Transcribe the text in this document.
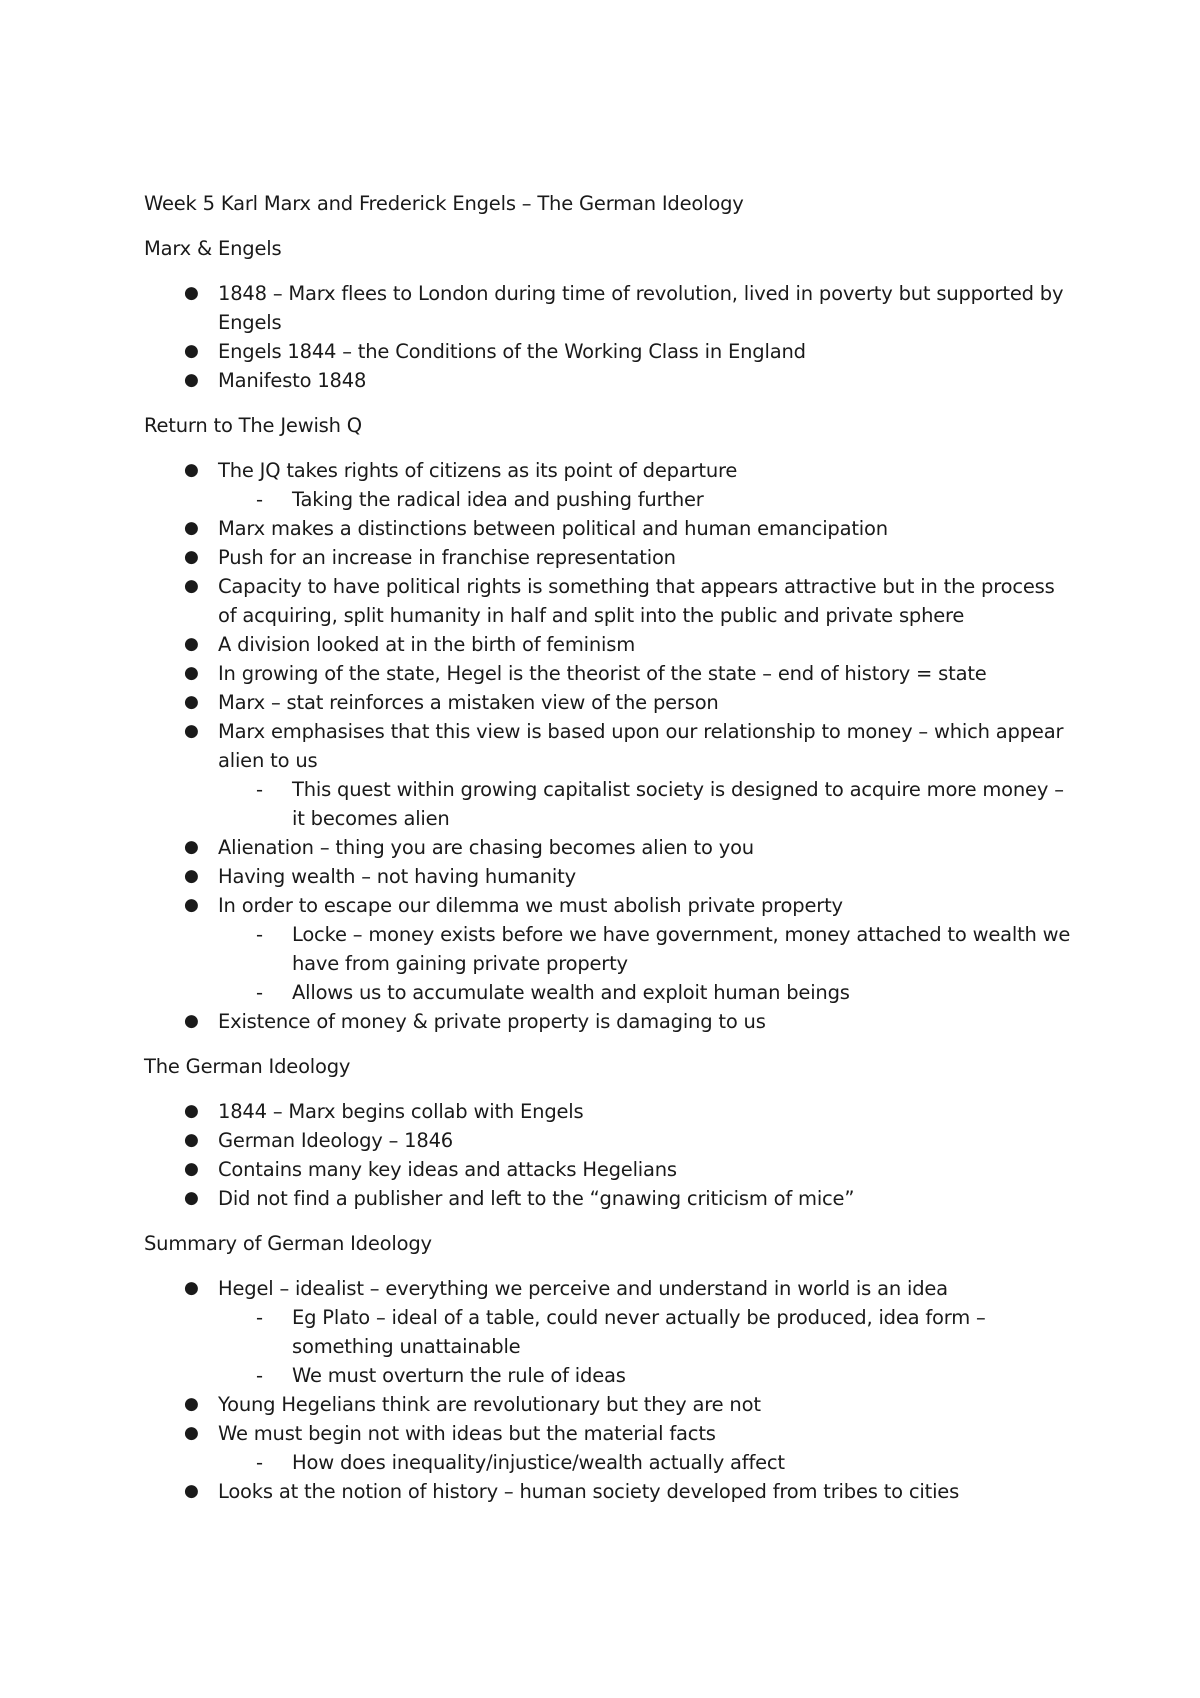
Week 5 Karl Marx and Frederick Engels – The German Ideology
Marx & Engels
● 1848 – Marx flees to London during time of revolution, lived in poverty but supported by Engels
● Engels 1844 – the Conditions of the Working Class in England
● Manifesto 1848
Return to The Jewish Q
● The JQ takes rights of citizens as its point of departure
- Taking the radical idea and pushing further
● Marx makes a distinctions between political and human emancipation
● Push for an increase in franchise representation
● Capacity to have political rights is something that appears attractive but in the process of acquiring, split humanity in half and split into the public and private sphere
● A division looked at in the birth of feminism
● In growing of the state, Hegel is the theorist of the state – end of history = state
● Marx – stat reinforces a mistaken view of the person
● Marx emphasises that this view is based upon our relationship to money – which appear alien to us
- This quest within growing capitalist society is designed to acquire more money – it becomes alien
● Alienation – thing you are chasing becomes alien to you
● Having wealth – not having humanity
● In order to escape our dilemma we must abolish private property
- Locke – money exists before we have government, money attached to wealth we have from gaining private property
- Allows us to accumulate wealth and exploit human beings
● Existence of money & private property is damaging to us
The German Ideology
● 1844 – Marx begins collab with Engels
● German Ideology – 1846
● Contains many key ideas and attacks Hegelians
● Did not find a publisher and left to the “gnawing criticism of mice”
Summary of German Ideology
● Hegel – idealist – everything we perceive and understand in world is an idea
- Eg Plato – ideal of a table, could never actually be produced, idea form – something unattainable
- We must overturn the rule of ideas
● Young Hegelians think are revolutionary but they are not
● We must begin not with ideas but the material facts
- How does inequality/injustice/wealth actually affect
● Looks at the notion of history – human society developed from tribes to cities
